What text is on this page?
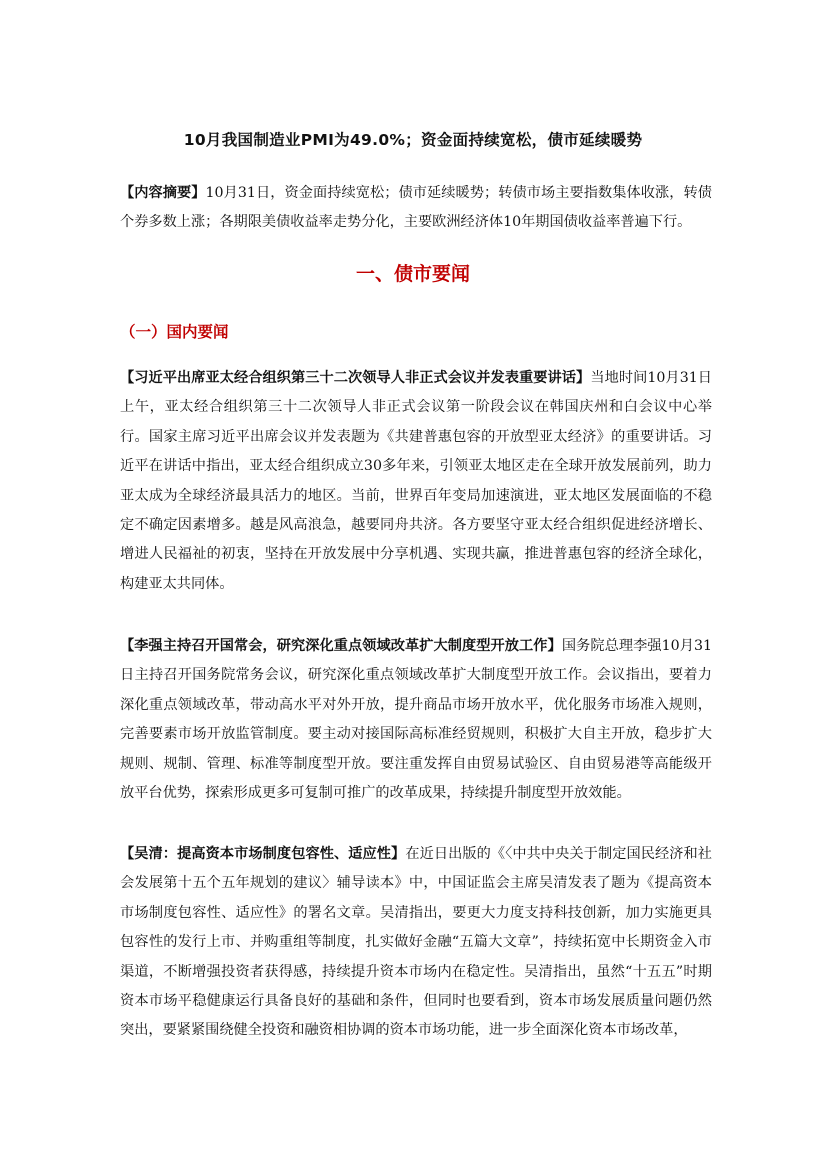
10月我国制造业PMI为49.0%；资金面持续宽松，债市延续暖势

【内容摘要】10月31日，资金面持续宽松；债市延续暖势；转债市场主要指数集体收涨，转债个券多数上涨；各期限美债收益率走势分化，主要欧洲经济体10年期国债收益率普遍下行。

一、债市要闻
（一）国内要闻

【习近平出席亚太经合组织第三十二次领导人非正式会议并发表重要讲话】当地时间10月31日上午，亚太经合组织第三十二次领导人非正式会议第一阶段会议在韩国庆州和白会议中心举行。国家主席习近平出席会议并发表题为《共建普惠包容的开放型亚太经济》的重要讲话。习近平在讲话中指出，亚太经合组织成立30多年来，引领亚太地区走在全球开放发展前列，助力亚太成为全球经济最具活力的地区。当前，世界百年变局加速演进，亚太地区发展面临的不稳定不确定因素增多。越是风高浪急，越要同舟共济。各方要坚守亚太经合组织促进经济增长、增进人民福祉的初衷，坚持在开放发展中分享机遇、实现共赢，推进普惠包容的经济全球化，构建亚太共同体。

【李强主持召开国常会，研究深化重点领域改革扩大制度型开放工作】国务院总理李强10月31日主持召开国务院常务会议，研究深化重点领域改革扩大制度型开放工作。会议指出，要着力深化重点领域改革，带动高水平对外开放，提升商品市场开放水平，优化服务市场准入规则，完善要素市场开放监管制度。要主动对接国际高标准经贸规则，积极扩大自主开放，稳步扩大规则、规制、管理、标准等制度型开放。要注重发挥自由贸易试验区、自由贸易港等高能级开放平台优势，探索形成更多可复制可推广的改革成果，持续提升制度型开放效能。

【吴清：提高资本市场制度包容性、适应性】在近日出版的《〈中共中央关于制定国民经济和社会发展第十五个五年规划的建议〉辅导读本》中，中国证监会主席吴清发表了题为《提高资本市场制度包容性、适应性》的署名文章。吴清指出，要更大力度支持科技创新，加力实施更具包容性的发行上市、并购重组等制度，扎实做好金融“五篇大文章”，持续拓宽中长期资金入市渠道，不断增强投资者获得感，持续提升资本市场内在稳定性。吴清指出，虽然“十五五”时期资本市场平稳健康运行具备良好的基础和条件，但同时也要看到，资本市场发展质量问题仍然突出，要紧紧围绕健全投资和融资相协调的资本市场功能，进一步全面深化资本市场改革，
